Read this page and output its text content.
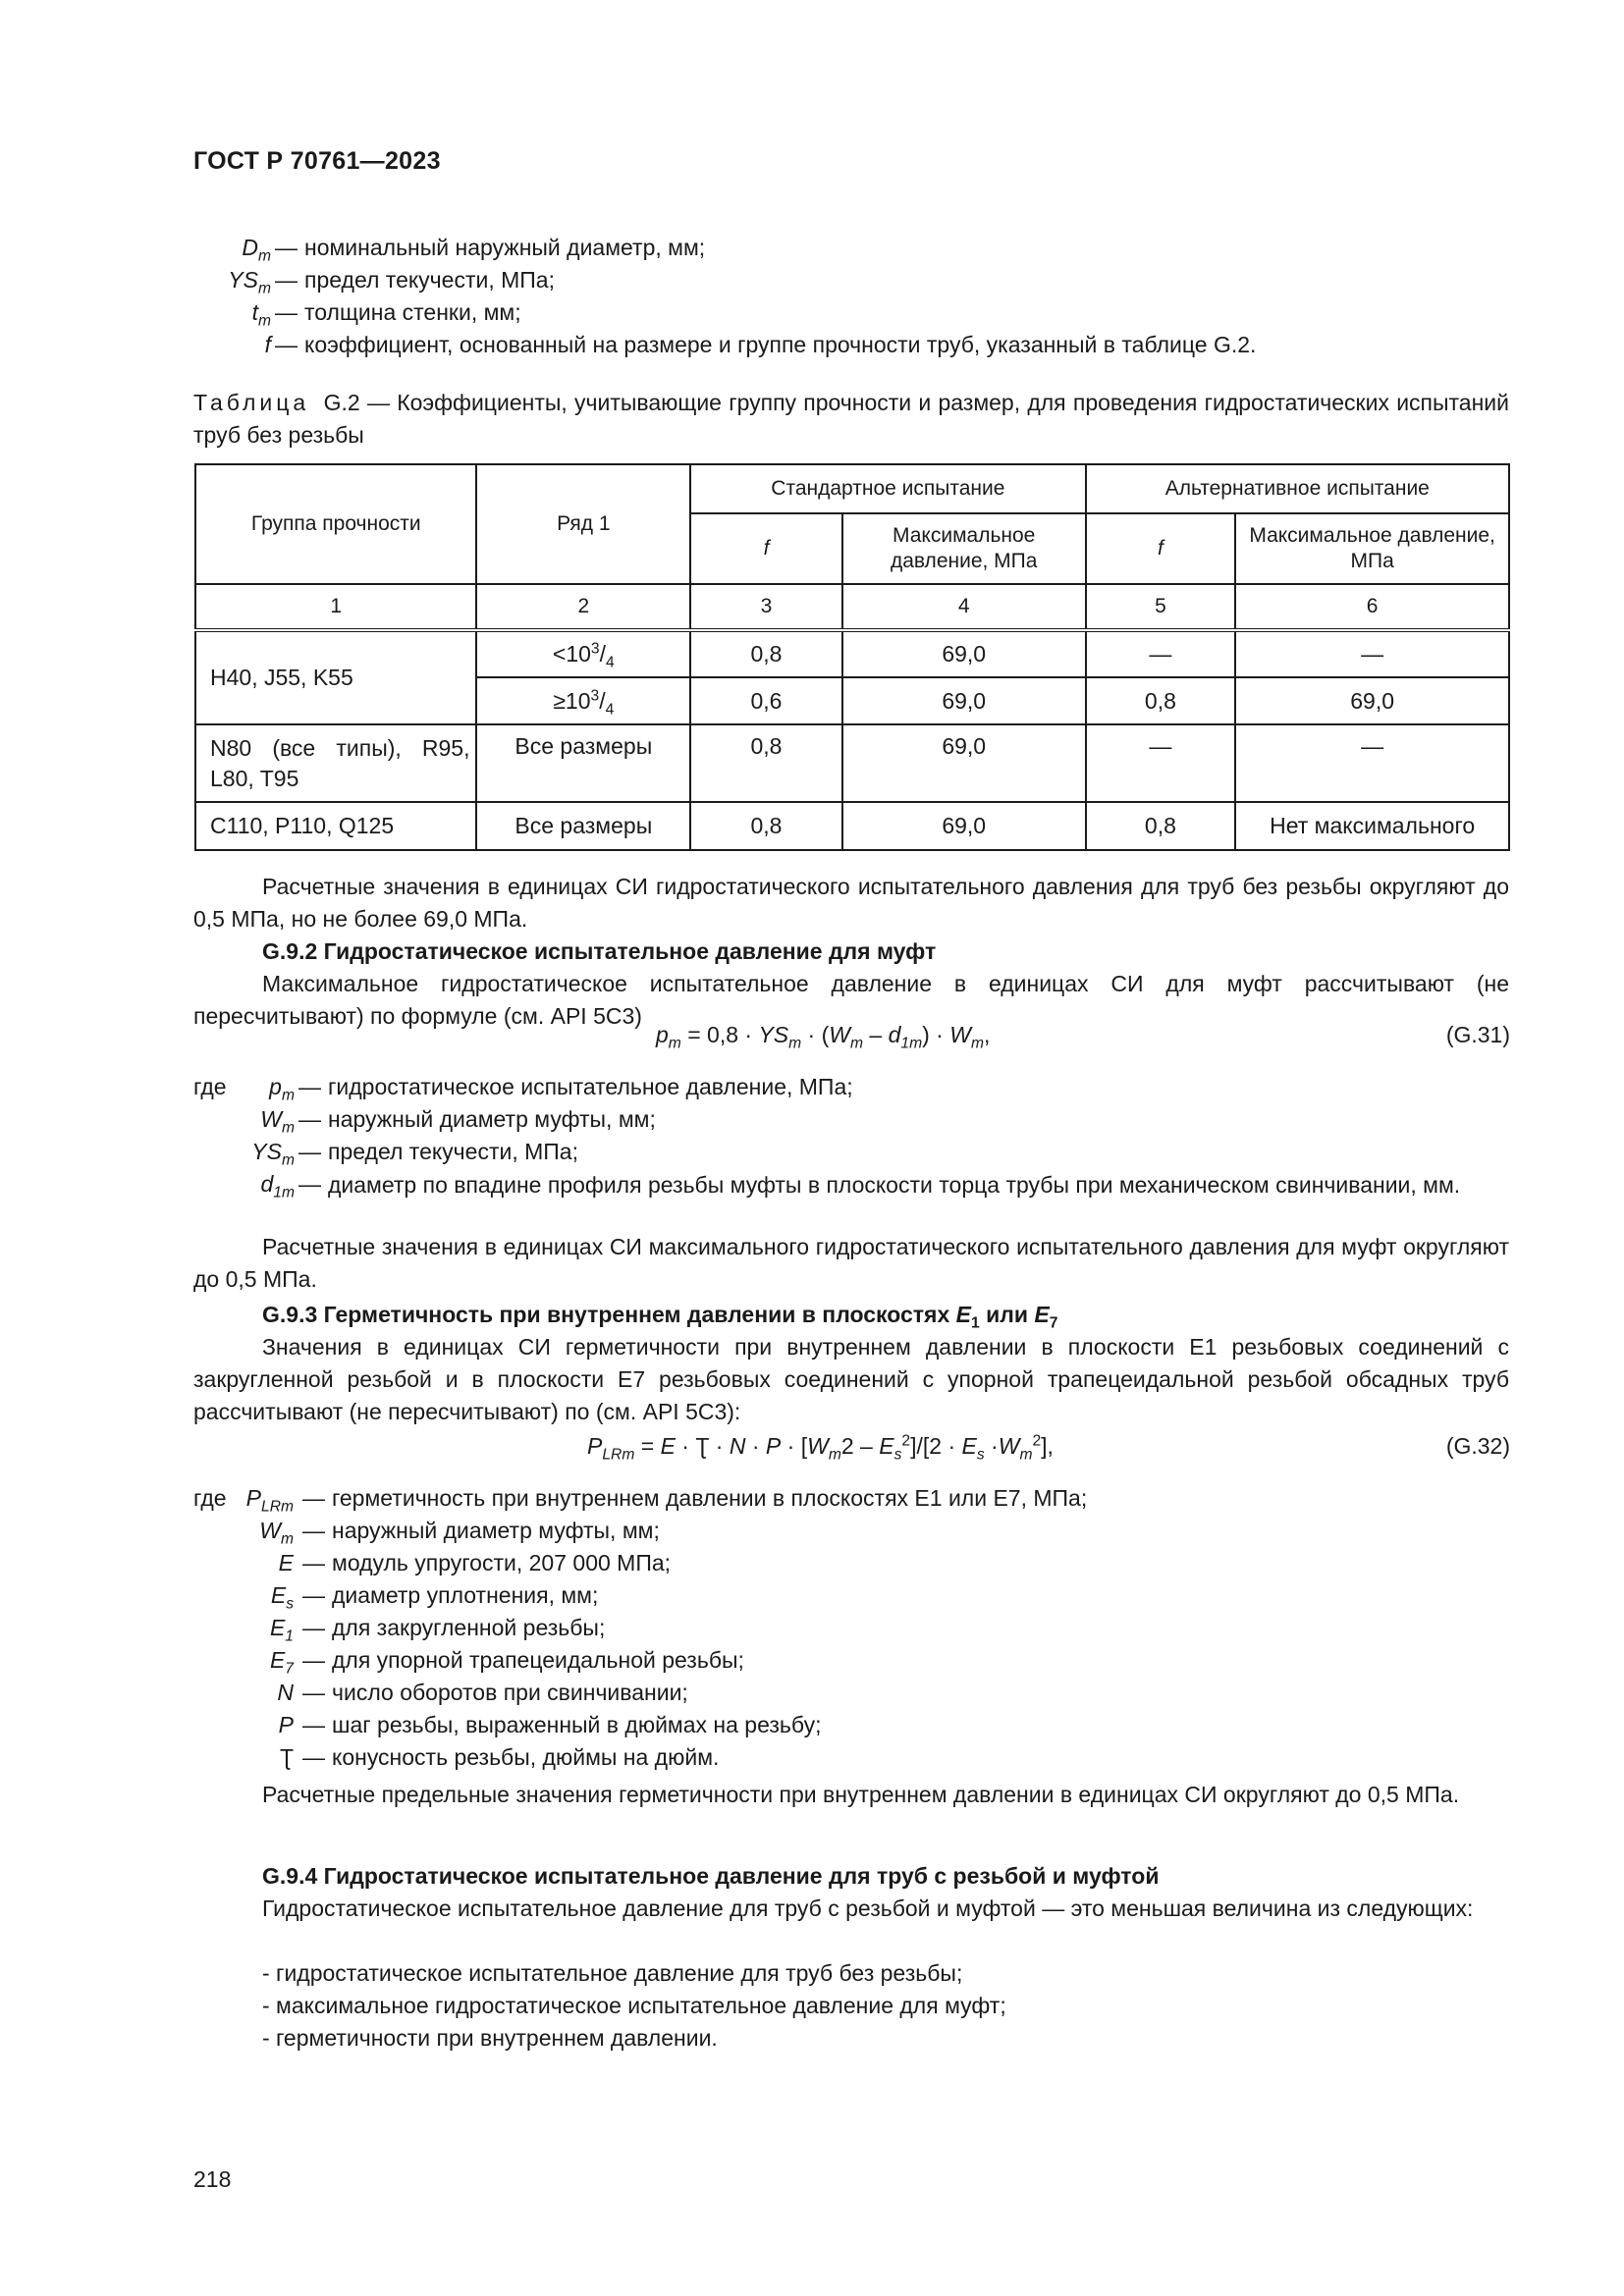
ГОСТ Р 70761—2023
$D_m$ — номинальный наружный диаметр, мм;
$YS_m$ — предел текучести, МПа;
$t_m$ — толщина стенки, мм;
f — коэффициент, основанный на размере и группе прочности труб, указанный в таблице G.2.
Таблица G.2 — Коэффициенты, учитывающие группу прочности и размер, для проведения гидростатических испытаний труб без резьбы
Группа прочности	Ряд 1	Стандартное испытание		Альтернативное испытание	
		f	Максимальное давление, МПа	f	Максимальное давление, МПа
1	2	3	4	5	6
H40, J55, K55	$<10^3/_4$	0,8	69,0	—	—
	$\ge 10^3/_4$	0,6	69,0	0,8	69,0
N80 (все типы), R95, L80, T95	Все размеры	0,8	69,0	—	—
C110, P110, Q125	Все размеры	0,8	69,0	0,8	Нет максимального
Расчетные значения в единицах СИ гидростатического испытательного давления для труб без резьбы округляют до 0,5 МПа, но не более 69,0 МПа.
G.9.2 Гидростатическое испытательное давление для муфт
Максимальное гидростатическое испытательное давление в единицах СИ для муфт рассчитывают (не пересчитывают) по формуле (см. API 5C3)
$p_m = 0,8 \cdot YS_m \cdot (W_m - d_{1m}) \cdot W_m$,	(G.31)
где $p_m$ — гидростатическое испытательное давление, МПа;
$W_m$ — наружный диаметр муфты, мм;
$YS_m$ — предел текучести, МПа;
$d_{1m}$ — диаметр по впадине профиля резьбы муфты в плоскости торца трубы при механическом свинчивании, мм.
Расчетные значения в единицах СИ максимального гидростатического испытательного давления для муфт округляют до 0,5 МПа.
G.9.3 Герметичность при внутреннем давлении в плоскостях $E_1$ или $E_7$
Значения в единицах СИ герметичности при внутреннем давлении в плоскости E1 резьбовых соединений с закругленной резьбой и в плоскости E7 резьбовых соединений с упорной трапецеидальной резьбой обсадных труб рассчитывают (не пересчитывают) по (см. API 5C3):
$P_{LRm} = E$ · Ʈ · $N \cdot P \cdot [W_m2 - E_s^2]/[2 \cdot E_s \cdot W_m^2]$,	(G.32)
где $P_{LRm}$ — герметичность при внутреннем давлении в плоскостях E1 или E7, МПа;
$W_m$ — наружный диаметр муфты, мм;
E — модуль упругости, 207 000 МПа;
$E_s$ — диаметр уплотнения, мм;
$E_1$ — для закругленной резьбы;
$E_7$ — для упорной трапецеидальной резьбы;
N — число оборотов при свинчивании;
P — шаг резьбы, выраженный в дюймах на резьбу;
Ʈ — конусность резьбы, дюймы на дюйм.
Расчетные предельные значения герметичности при внутреннем давлении в единицах СИ округляют до 0,5 МПа.
G.9.4 Гидростатическое испытательное давление для труб с резьбой и муфтой
Гидростатическое испытательное давление для труб с резьбой и муфтой — это меньшая величина из следующих:
- гидростатическое испытательное давление для труб без резьбы;
- максимальное гидростатическое испытательное давление для муфт;
- герметичности при внутреннем давлении.
218
